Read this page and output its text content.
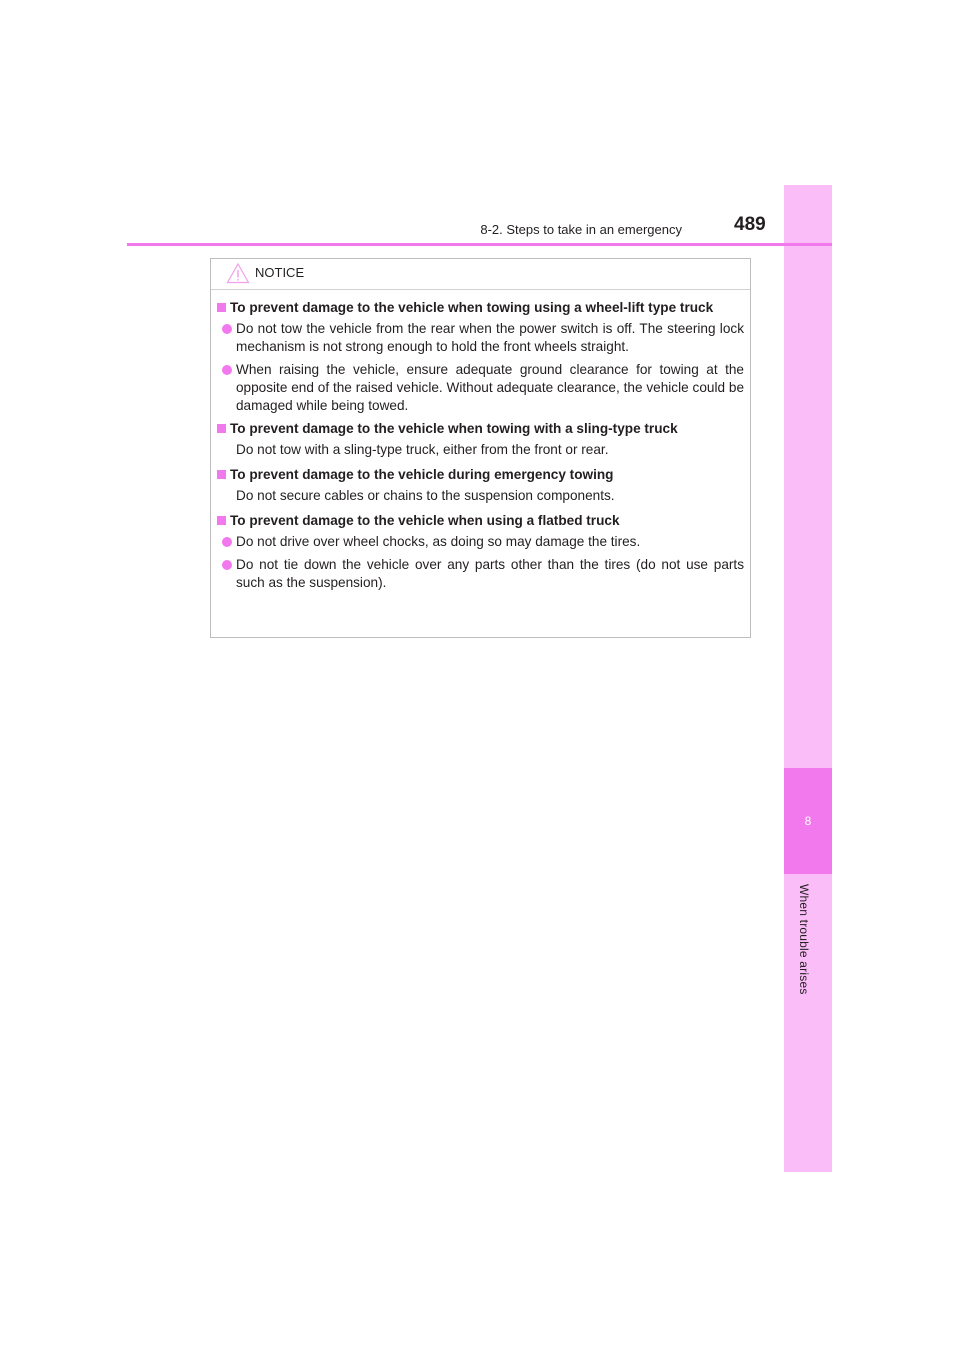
8
When trouble arises
8-2. Steps to take in an emergency	489
NOTICE
To prevent damage to the vehicle when towing using a wheel-lift type truck
Do not tow the vehicle from the rear when the power switch is off. The steering lock mechanism is not strong enough to hold the front wheels straight.
When raising the vehicle, ensure adequate ground clearance for towing at the opposite end of the raised vehicle. Without adequate clearance, the vehicle could be damaged while being towed.
To prevent damage to the vehicle when towing with a sling-type truck
Do not tow with a sling-type truck, either from the front or rear.
To prevent damage to the vehicle during emergency towing
Do not secure cables or chains to the suspension components.
To prevent damage to the vehicle when using a flatbed truck
Do not drive over wheel chocks, as doing so may damage the tires.
Do not tie down the vehicle over any parts other than the tires (do not use parts such as the suspension).
